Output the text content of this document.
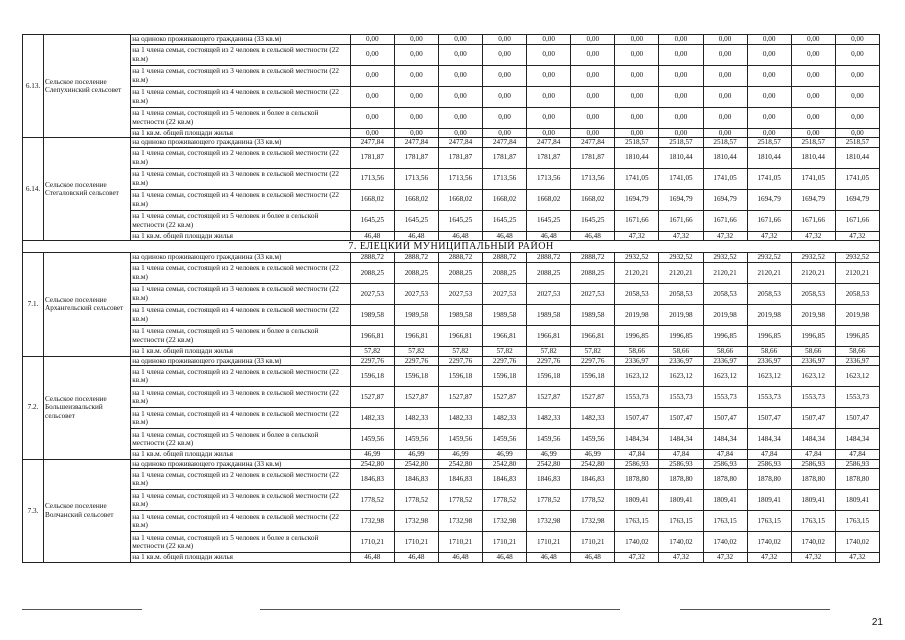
6.13.	Сельское поселение Слепухинский сельсовет	на одиноко проживающего гражданина (33 кв.м)	0,00	0,00	0,00	0,00	0,00	0,00	0,00	0,00	0,00	0,00	0,00	0,00
		на 1 члена семьи, состоящей из 2 человек в сельской местности (22 кв.м)	0,00	0,00	0,00	0,00	0,00	0,00	0,00	0,00	0,00	0,00	0,00	0,00
		на 1 члена семьи, состоящей из 3 человек в сельской местности (22 кв.м)	0,00	0,00	0,00	0,00	0,00	0,00	0,00	0,00	0,00	0,00	0,00	0,00
		на 1 члена семьи, состоящей из 4 человек в сельской местности (22 кв.м)	0,00	0,00	0,00	0,00	0,00	0,00	0,00	0,00	0,00	0,00	0,00	0,00
		на 1 члена семьи, состоящей из 5 человек и более в сельской местности (22 кв.м)	0,00	0,00	0,00	0,00	0,00	0,00	0,00	0,00	0,00	0,00	0,00	0,00
		на 1 кв.м. общей площади жилья	0,00	0,00	0,00	0,00	0,00	0,00	0,00	0,00	0,00	0,00	0,00	0,00
6.14.	Сельское поселение Стегаловский сельсовет	на одиноко проживающего гражданина (33 кв.м)	2477,84	2477,84	2477,84	2477,84	2477,84	2477,84	2518,57	2518,57	2518,57	2518,57	2518,57	2518,57
		на 1 члена семьи, состоящей из 2 человек в сельской местности (22 кв.м)	1781,87	1781,87	1781,87	1781,87	1781,87	1781,87	1810,44	1810,44	1810,44	1810,44	1810,44	1810,44
		на 1 члена семьи, состоящей из 3 человек в сельской местности (22 кв.м)	1713,56	1713,56	1713,56	1713,56	1713,56	1713,56	1741,05	1741,05	1741,05	1741,05	1741,05	1741,05
		на 1 члена семьи, состоящей из 4 человек в сельской местности (22 кв.м)	1668,02	1668,02	1668,02	1668,02	1668,02	1668,02	1694,79	1694,79	1694,79	1694,79	1694,79	1694,79
		на 1 члена семьи, состоящей из 5 человек и более в сельской местности (22 кв.м)	1645,25	1645,25	1645,25	1645,25	1645,25	1645,25	1671,66	1671,66	1671,66	1671,66	1671,66	1671,66
		на 1 кв.м. общей площади жилья	46,48	46,48	46,48	46,48	46,48	46,48	47,32	47,32	47,32	47,32	47,32	47,32
7. ЕЛЕЦКИЙ МУНИЦИПАЛЬНЫЙ РАЙОН														
7.1.	Сельское поселение Архангельский сельсовет	на одиноко проживающего гражданина (33 кв.м)	2888,72	2888,72	2888,72	2888,72	2888,72	2888,72	2932,52	2932,52	2932,52	2932,52	2932,52	2932,52
		на 1 члена семьи, состоящей из 2 человек в сельской местности (22 кв.м)	2088,25	2088,25	2088,25	2088,25	2088,25	2088,25	2120,21	2120,21	2120,21	2120,21	2120,21	2120,21
		на 1 члена семьи, состоящей из 3 человек в сельской местности (22 кв.м)	2027,53	2027,53	2027,53	2027,53	2027,53	2027,53	2058,53	2058,53	2058,53	2058,53	2058,53	2058,53
		на 1 члена семьи, состоящей из 4 человек в сельской местности (22 кв.м)	1989,58	1989,58	1989,58	1989,58	1989,58	1989,58	2019,98	2019,98	2019,98	2019,98	2019,98	2019,98
		на 1 члена семьи, состоящей из 5 человек и более в сельской местности (22 кв.м)	1966,81	1966,81	1966,81	1966,81	1966,81	1966,81	1996,85	1996,85	1996,85	1996,85	1996,85	1996,85
		на 1 кв.м. общей площади жилья	57,82	57,82	57,82	57,82	57,82	57,82	58,66	58,66	58,66	58,66	58,66	58,66
7.2.	Сельское поселение Большеизвальский сельсовет	на одиноко проживающего гражданина (33 кв.м)	2297,76	2297,76	2297,76	2297,76	2297,76	2297,76	2336,97	2336,97	2336,97	2336,97	2336,97	2336,97
		на 1 члена семьи, состоящей из 2 человек в сельской местности (22 кв.м)	1596,18	1596,18	1596,18	1596,18	1596,18	1596,18	1623,12	1623,12	1623,12	1623,12	1623,12	1623,12
		на 1 члена семьи, состоящей из 3 человек в сельской местности (22 кв.м)	1527,87	1527,87	1527,87	1527,87	1527,87	1527,87	1553,73	1553,73	1553,73	1553,73	1553,73	1553,73
		на 1 члена семьи, состоящей из 4 человек в сельской местности (22 кв.м)	1482,33	1482,33	1482,33	1482,33	1482,33	1482,33	1507,47	1507,47	1507,47	1507,47	1507,47	1507,47
		на 1 члена семьи, состоящей из 5 человек и более в сельской местности (22 кв.м)	1459,56	1459,56	1459,56	1459,56	1459,56	1459,56	1484,34	1484,34	1484,34	1484,34	1484,34	1484,34
		на 1 кв.м. общей площади жилья	46,99	46,99	46,99	46,99	46,99	46,99	47,84	47,84	47,84	47,84	47,84	47,84
7.3.	Сельское поселение Волчанский сельсовет	на одиноко проживающего гражданина (33 кв.м)	2542,80	2542,80	2542,80	2542,80	2542,80	2542,80	2586,93	2586,93	2586,93	2586,93	2586,93	2586,93
		на 1 члена семьи, состоящей из 2 человек в сельской местности (22 кв.м)	1846,83	1846,83	1846,83	1846,83	1846,83	1846,83	1878,80	1878,80	1878,80	1878,80	1878,80	1878,80
		на 1 члена семьи, состоящей из 3 человек в сельской местности (22 кв.м)	1778,52	1778,52	1778,52	1778,52	1778,52	1778,52	1809,41	1809,41	1809,41	1809,41	1809,41	1809,41
		на 1 члена семьи, состоящей из 4 человек в сельской местности (22 кв.м)	1732,98	1732,98	1732,98	1732,98	1732,98	1732,98	1763,15	1763,15	1763,15	1763,15	1763,15	1763,15
		на 1 члена семьи, состоящей из 5 человек и более в сельской местности (22 кв.м)	1710,21	1710,21	1710,21	1710,21	1710,21	1710,21	1740,02	1740,02	1740,02	1740,02	1740,02	1740,02
		на 1 кв.м. общей площади жилья	46,48	46,48	46,48	46,48	46,48	46,48	47,32	47,32	47,32	47,32	47,32	47,32
21
